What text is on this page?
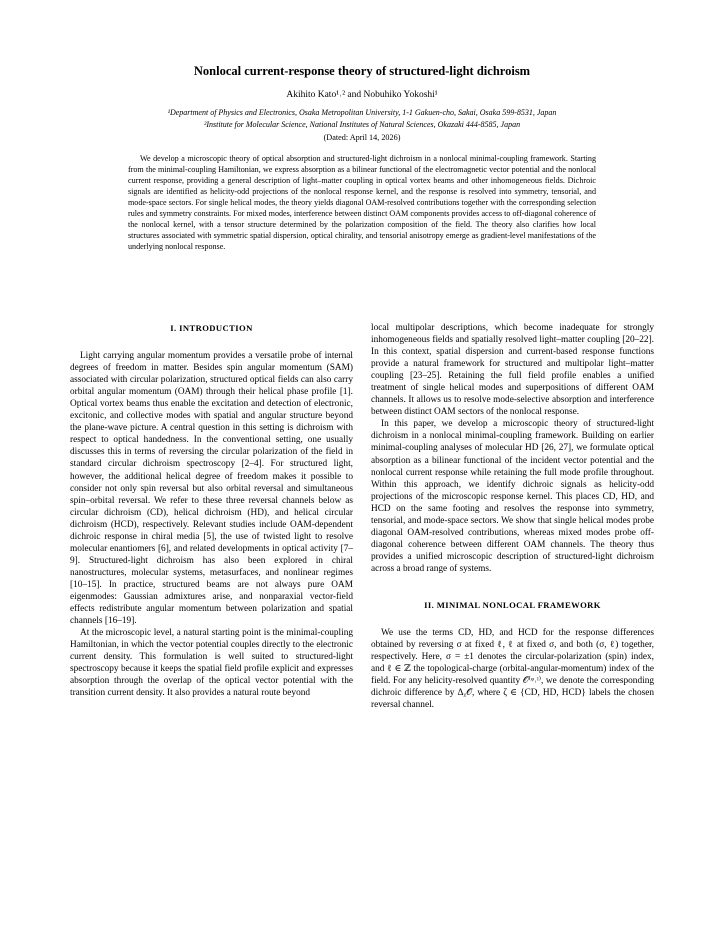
Nonlocal current-response theory of structured-light dichroism
Akihito Kato¹˒² and Nobuhiko Yokoshi¹
¹Department of Physics and Electronics, Osaka Metropolitan University, 1-1 Gakuen-cho, Sakai, Osaka 599-8531, Japan
²Institute for Molecular Science, National Institutes of Natural Sciences, Okazaki 444-8585, Japan
(Dated: April 14, 2026)
We develop a microscopic theory of optical absorption and structured-light dichroism in a nonlocal minimal-coupling framework. Starting from the minimal-coupling Hamiltonian, we express absorption as a bilinear functional of the electromagnetic vector potential and the nonlocal current response, providing a general description of light–matter coupling in optical vortex beams and other inhomogeneous fields. Dichroic signals are identified as helicity-odd projections of the nonlocal response kernel, and the response is resolved into symmetry, tensorial, and mode-space sectors. For single helical modes, the theory yields diagonal OAM-resolved contributions together with the corresponding selection rules and symmetry constraints. For mixed modes, interference between distinct OAM components provides access to off-diagonal coherence of the nonlocal kernel, with a tensor structure determined by the polarization composition of the field. The theory also clarifies how local structures associated with symmetric spatial dispersion, optical chirality, and tensorial anisotropy emerge as gradient-level manifestations of the underlying nonlocal response.
I. INTRODUCTION

Light carrying angular momentum provides a versatile probe of internal degrees of freedom in matter. Besides spin angular momentum (SAM) associated with circular polarization, structured optical fields can also carry orbital angular momentum (OAM) through their helical phase profile [1]. Optical vortex beams thus enable the excitation and detection of electronic, excitonic, and collective modes with spatial and angular structure beyond the plane-wave picture. A central question in this setting is dichroism with respect to optical handedness. In the conventional setting, one usually discusses this in terms of reversing the circular polarization of the field in standard circular dichroism spectroscopy [2–4]. For structured light, however, the additional helical degree of freedom makes it possible to consider not only spin reversal but also orbital reversal and simultaneous spin–orbital reversal. We refer to these three reversal channels below as circular dichroism (CD), helical dichroism (HD), and helical circular dichroism (HCD), respectively. Relevant studies include OAM-dependent dichroic response in chiral media [5], the use of twisted light to resolve molecular enantiomers [6], and related developments in optical activity [7–9]. Structured-light dichroism has also been explored in chiral nanostructures, molecular systems, metasurfaces, and nonlinear regimes [10–15]. In practice, structured beams are not always pure OAM eigenmodes: Gaussian admixtures arise, and nonparaxial vector-field effects redistribute angular momentum between polarization and spatial channels [16–19].

At the microscopic level, a natural starting point is the minimal-coupling Hamiltonian, in which the vector potential couples directly to the electronic current density. This formulation is well suited to structured-light spectroscopy because it keeps the spatial field profile explicit and expresses absorption through the overlap of the optical vector potential with the transition current density. It also provides a natural route beyond

local multipolar descriptions, which become inadequate for strongly inhomogeneous fields and spatially resolved light–matter coupling [20–22]. In this context, spatial dispersion and current-based response functions provide a natural framework for structured and multipolar light–matter coupling [23–25]. Retaining the full field profile enables a unified treatment of single helical modes and superpositions of different OAM channels. It allows us to resolve mode-selective absorption and interference between distinct OAM sectors of the nonlocal response.

In this paper, we develop a microscopic theory of structured-light dichroism in a nonlocal minimal-coupling framework. Building on earlier minimal-coupling analyses of molecular HD [26, 27], we formulate optical absorption as a bilinear functional of the incident vector potential and the nonlocal current response while retaining the full mode profile throughout. Within this approach, we identify dichroic signals as helicity-odd projections of the microscopic response kernel. This places CD, HD, and HCD on the same footing and resolves the response into symmetry, tensorial, and mode-space sectors. We show that single helical modes probe diagonal OAM-resolved contributions, whereas mixed modes probe off-diagonal coherence between different OAM channels. The theory thus provides a unified microscopic description of structured-light dichroism across a broad range of systems.

II. MINIMAL NONLOCAL FRAMEWORK

We use the terms CD, HD, and HCD for the response differences obtained by reversing σ at fixed ℓ, ℓ at fixed σ, and both (σ, ℓ) together, respectively. Here, σ = ±1 denotes the circular-polarization (spin) index, and ℓ ∈ ℤ the topological-charge (orbital-angular-momentum) index of the field. For any helicity-resolved quantity 𝒪⁽ᵠ˒ˡ⁾, we denote the corresponding dichroic difference by Δᵪ𝒪, where ζ ∈ {CD, HD, HCD} labels the chosen reversal channel.
